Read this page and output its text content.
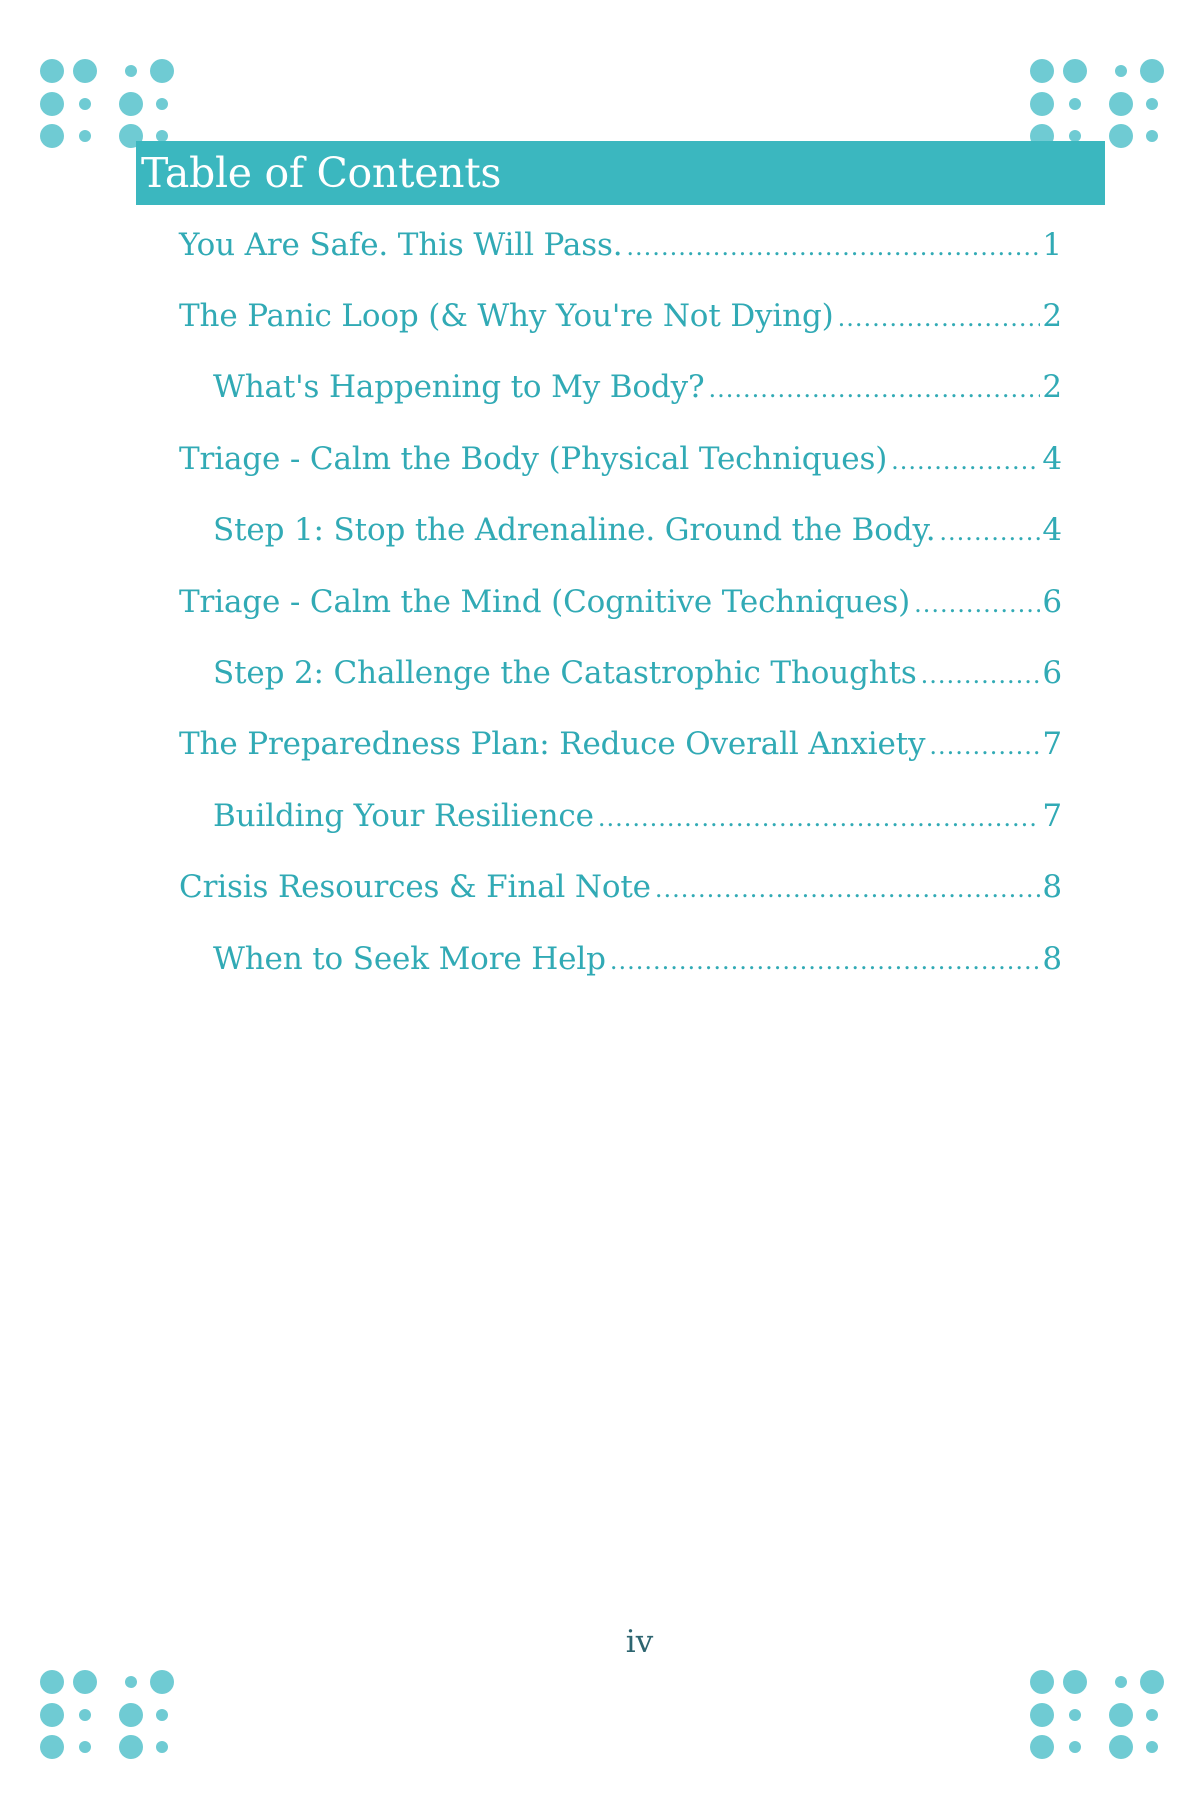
Table of Contents
You Are Safe. This Will Pass. .....	1
The Panic Loop (& Why You're Not Dying) .....	2
What's Happening to My Body? .....	2
Triage - Calm the Body (Physical Techniques) .....	4
Step 1: Stop the Adrenaline. Ground the Body. .....	4
Triage - Calm the Mind (Cognitive Techniques) .....	6
Step 2: Challenge the Catastrophic Thoughts .....	6
The Preparedness Plan: Reduce Overall Anxiety .....	7
Building Your Resilience .....	7
Crisis Resources & Final Note .....	8
When to Seek More Help .....	8
iv
